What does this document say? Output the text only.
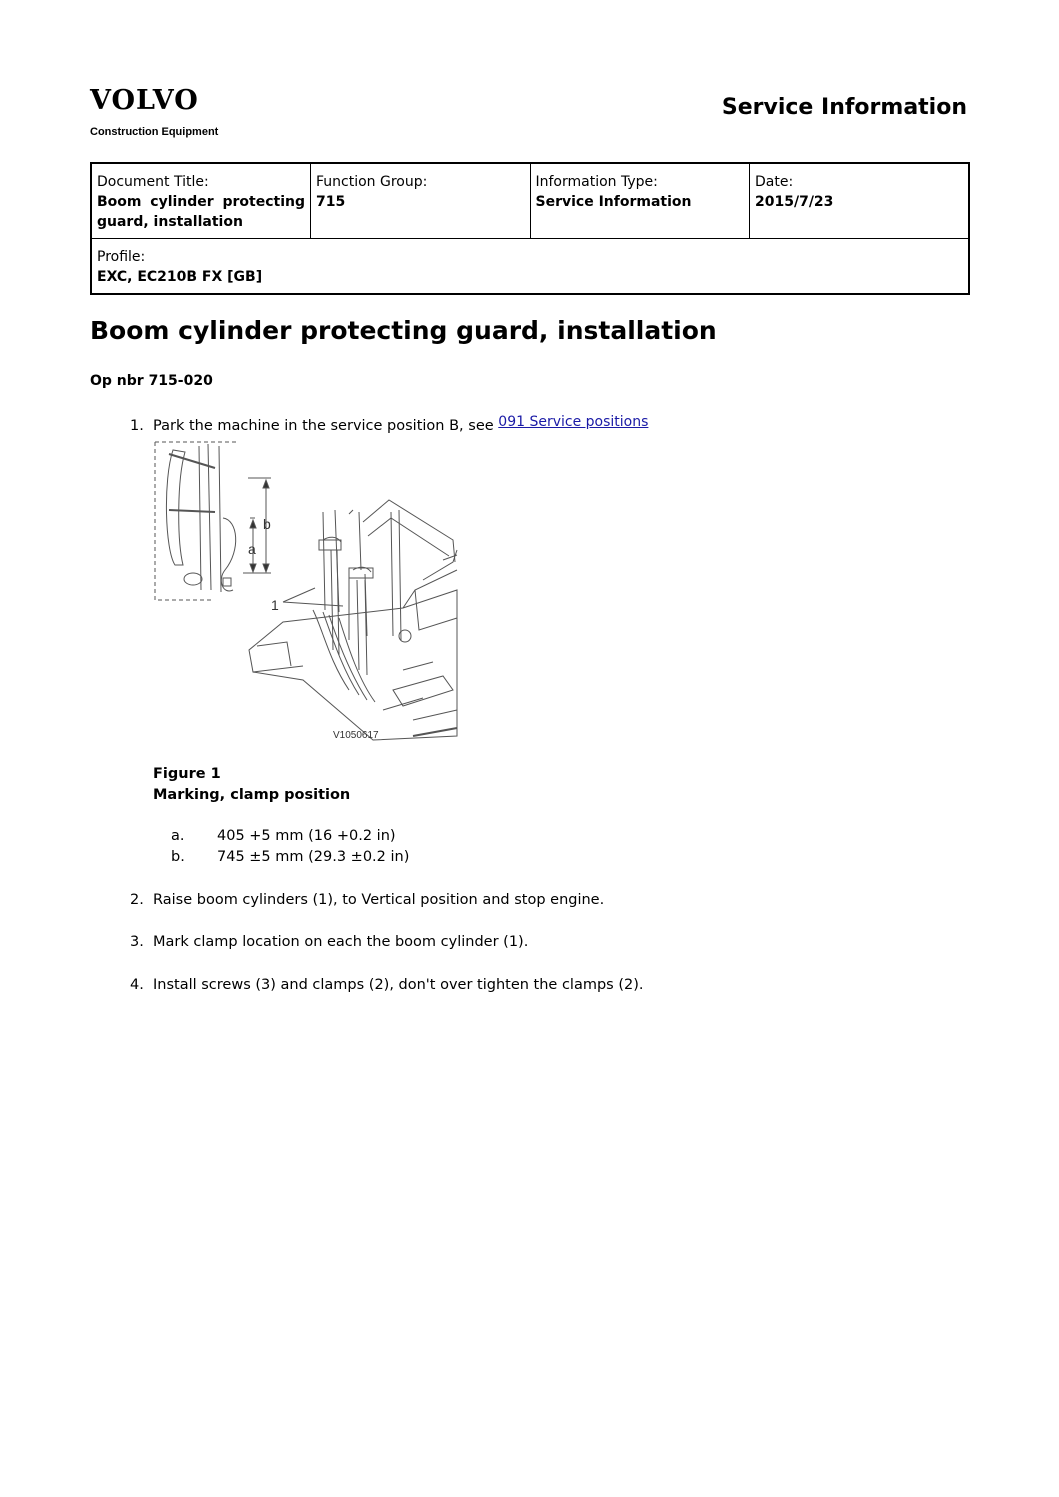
VOLVO
Construction Equipment
Service Information
Document Title:
Boom cylinder protecting guard, installation

Function Group:
715

Information Type:
Service Information

Date:
2015/7/23

Profile:
EXC, EC210B FX [GB]
Boom cylinder protecting guard, installation
Op nbr 715-020
1. Park the machine in the service position B, see 091 Service positions
b
a
1
V1050617
Figure 1
Marking, clamp position
a. 405 +5 mm (16 +0.2 in)
b. 745 ±5 mm (29.3 ±0.2 in)
2. Raise boom cylinders (1), to Vertical position and stop engine.
3. Mark clamp location on each the boom cylinder (1).
4. Install screws (3) and clamps (2), don't over tighten the clamps (2).
